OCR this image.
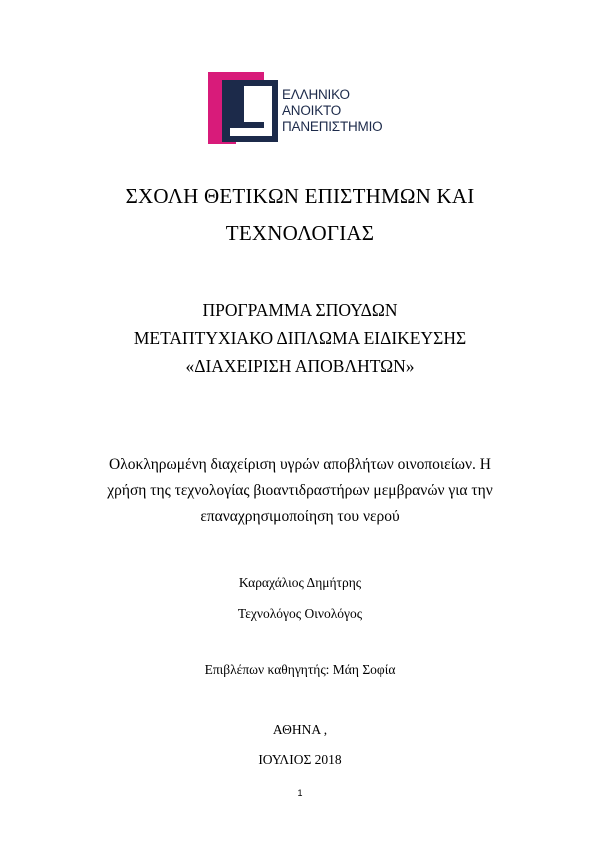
ΕΛΛΗΝΙΚΟ
ΑΝΟΙΚΤΟ
ΠΑΝΕΠΙΣΤΗΜΙΟ
ΣΧΟΛΗ ΘΕΤΙΚΩΝ ΕΠΙΣΤΗΜΩΝ ΚΑΙ
ΤΕΧΝΟΛΟΓΙΑΣ
ΠΡΟΓΡΑΜΜΑ ΣΠΟΥΔΩΝ
ΜΕΤΑΠΤΥΧΙΑΚΟ ΔΙΠΛΩΜΑ ΕΙΔΙΚΕΥΣΗΣ
«ΔΙΑΧΕΙΡΙΣΗ ΑΠΟΒΛΗΤΩΝ»
Ολοκληρωμένη διαχείριση υγρών αποβλήτων οινοποιείων. Η
χρήση της τεχνολογίας βιοαντιδραστήρων μεμβρανών για την
επαναχρησιμοποίηση του νερού
Καραχάλιος Δημήτρης
Τεχνολόγος Οινολόγος
Επιβλέπων καθηγητής: Μάη Σοφία
ΑΘΗΝΑ ,
ΙΟΥΛΙΟΣ 2018
1
